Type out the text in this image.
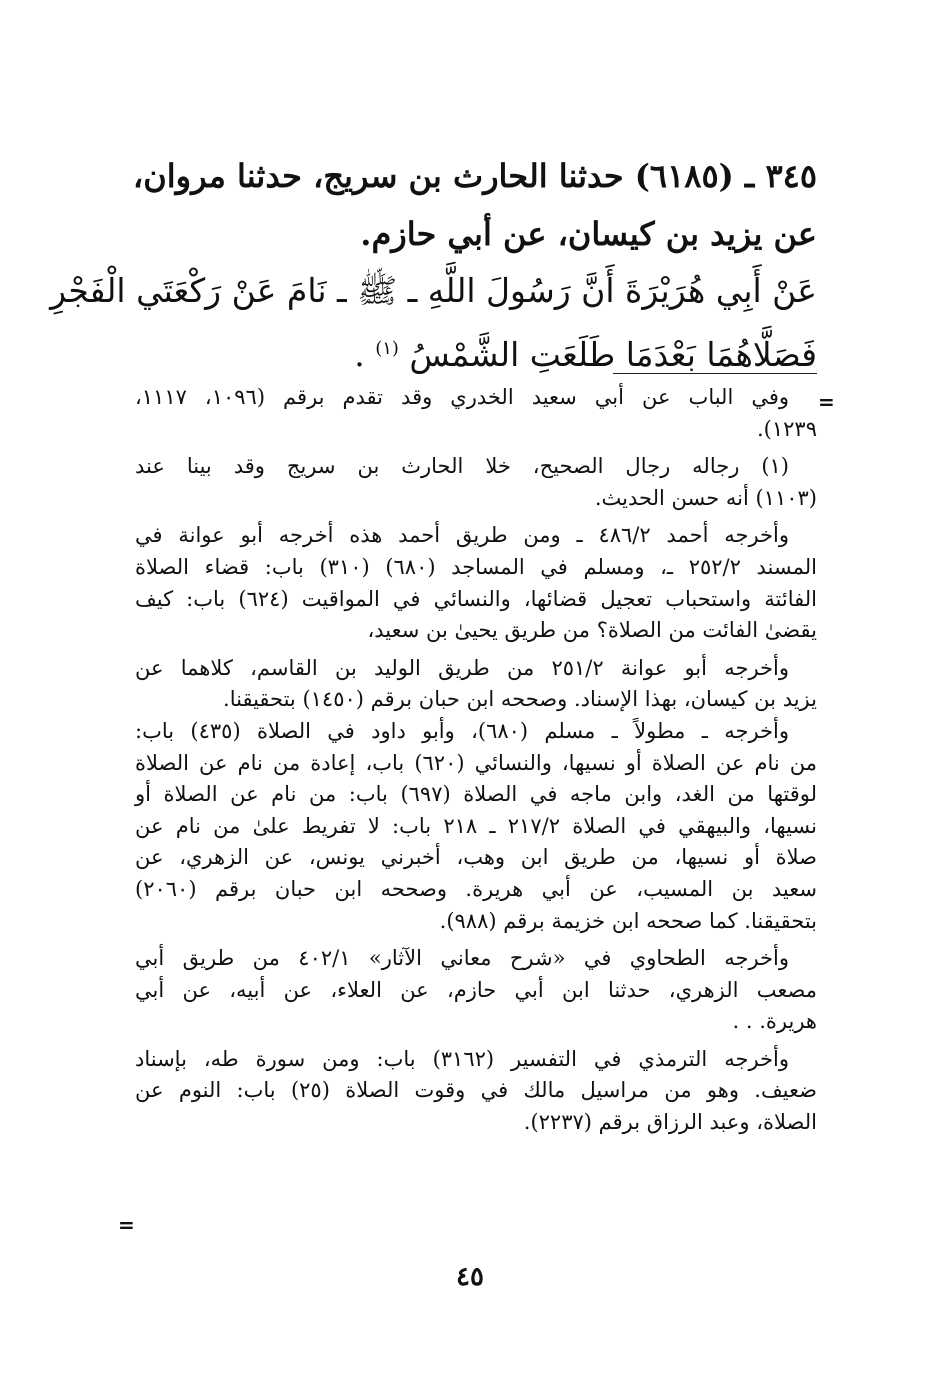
٣٤٥ ـ (٦١٨٥) حدثنا الحارث بن سريج، حدثنا مروان،
عن يزيد بن كيسان، عن أبي حازم.
عَنْ أَبِي هُرَيْرَةَ أَنَّ رَسُولَ اللَّهِ ـ ﷺ ـ نَامَ عَنْ رَكْعَتَي الْفَجْرِ
فَصَلَّاهُمَا بَعْدَمَا طَلَعَتِ الشَّمْسُ $^{(١)}$ .
=
=
وفي الباب عن أبي سعيد الخدري وقد تقدم برقم (١٠٩٦، ١١١٧،
١٢٣٩).
(١) رجاله رجال الصحيح، خلا الحارث بن سريج وقد بينا عند
(١١٠٣) أنه حسن الحديث.
وأخرجه أحمد ٤٨٦/٢ ـ ومن طريق أحمد هذه أخرجه أبو عوانة في
المسند ٢٥٢/٢ ـ، ومسلم في المساجد (٦٨٠) (٣١٠) باب: قضاء الصلاة
الفائتة واستحباب تعجيل قضائها، والنسائي في المواقيت (٦٢٤) باب: كيف
يقضىٰ الفائت من الصلاة؟ من طريق يحيىٰ بن سعيد،
وأخرجه أبو عوانة ٢٥١/٢ من طريق الوليد بن القاسم، كلاهما عن
يزيد بن كيسان، بهذا الإسناد. وصححه ابن حبان برقم (١٤٥٠) بتحقيقنا.
وأخرجه ـ مطولاً ـ مسلم (٦٨٠)، وأبو داود في الصلاة (٤٣٥) باب:
من نام عن الصلاة أو نسيها، والنسائي (٦٢٠) باب، إعادة من نام عن الصلاة
لوقتها من الغد، وابن ماجه في الصلاة (٦٩٧) باب: من نام عن الصلاة أو
نسيها، والبيهقي في الصلاة ٢١٧/٢ ـ ٢١٨ باب: لا تفريط علىٰ من نام عن
صلاة أو نسيها، من طريق ابن وهب، أخبرني يونس، عن الزهري، عن
سعيد بن المسيب، عن أبي هريرة. وصححه ابن حبان برقم (٢٠٦٠)
بتحقيقنا. كما صححه ابن خزيمة برقم (٩٨٨).
وأخرجه الطحاوي في «شرح معاني الآثار» ٤٠٢/١ من طريق أبي
مصعب الزهري، حدثنا ابن أبي حازم، عن العلاء، عن أبيه، عن أبي
هريرة. . .
وأخرجه الترمذي في التفسير (٣١٦٢) باب: ومن سورة طه، بإسناد
ضعيف. وهو من مراسيل مالك في وقوت الصلاة (٢٥) باب: النوم عن
الصلاة، وعبد الرزاق برقم (٢٢٣٧).
٤٥
